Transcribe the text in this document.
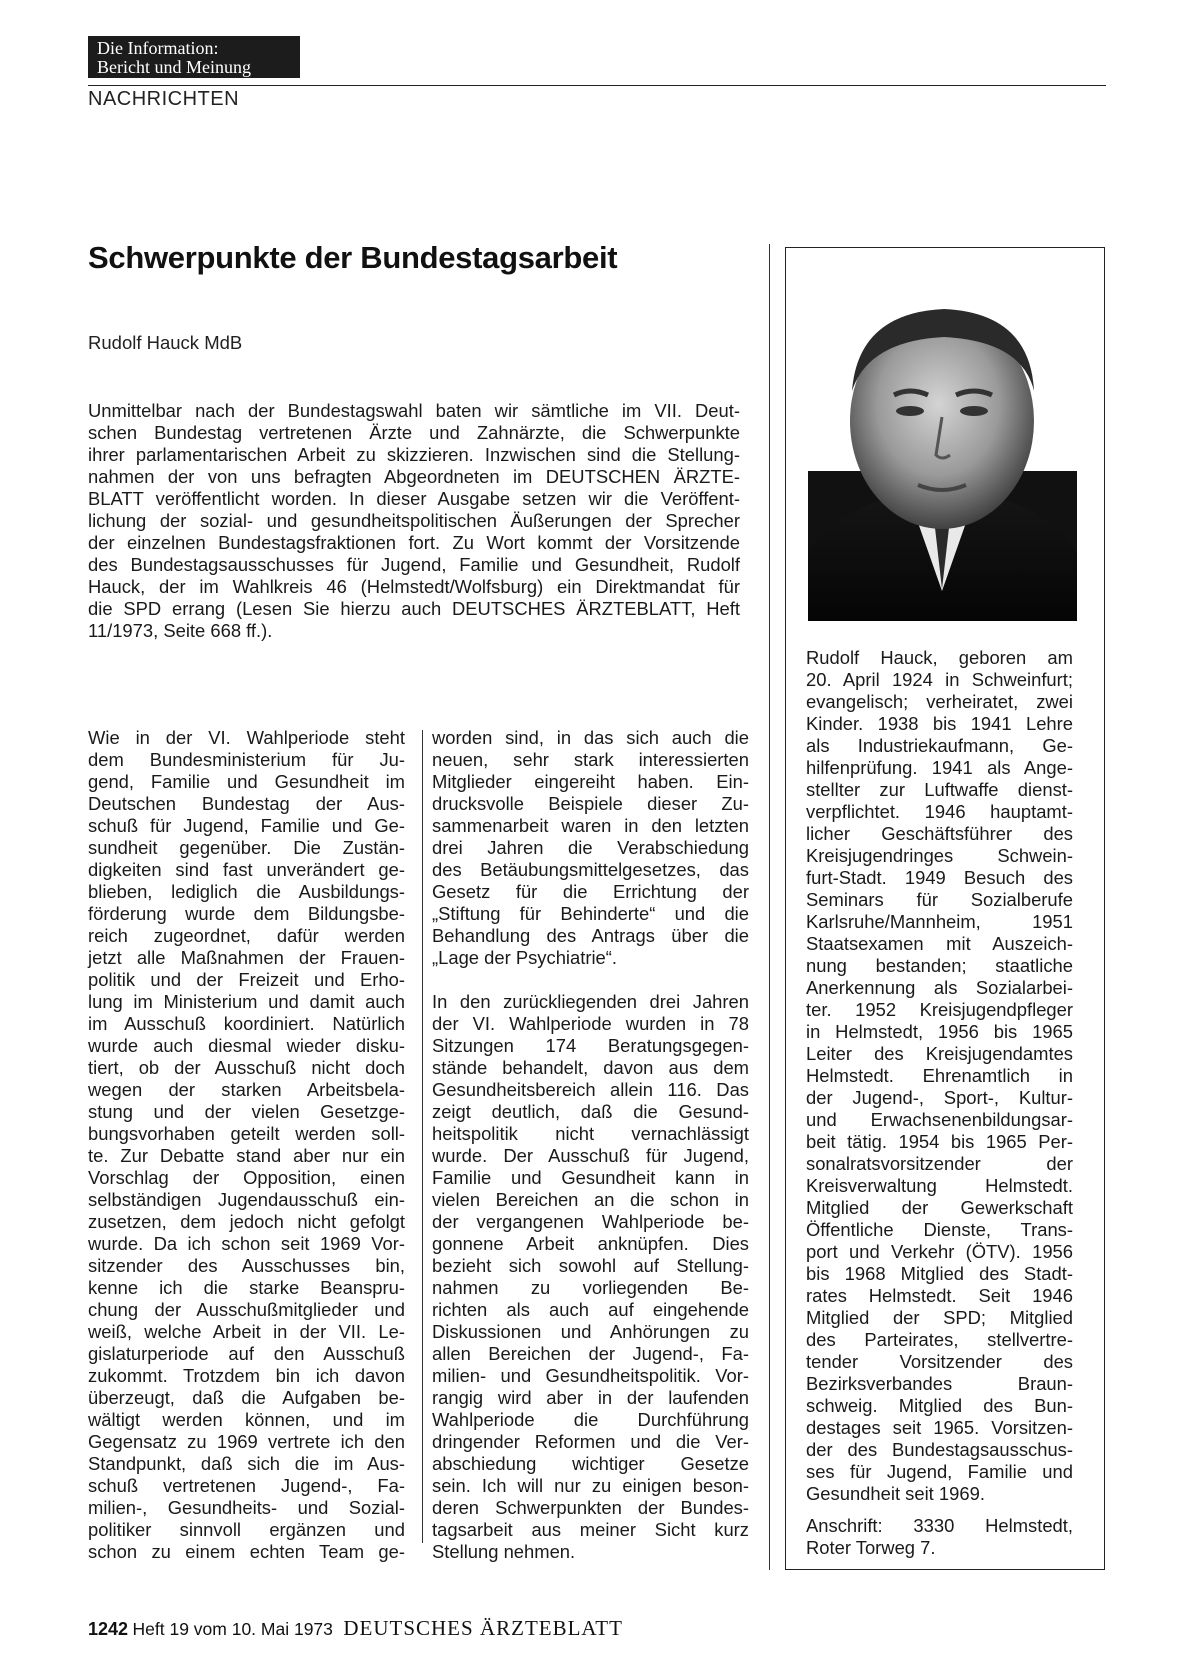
Die Information:
Bericht und Meinung
NACHRICHTEN
Schwerpunkte der Bundestagsarbeit
Rudolf Hauck MdB
Unmittelbar nach der Bundestagswahl baten wir sämtliche im VII. Deut-
schen Bundestag vertretenen Ärzte und Zahnärzte, die Schwerpunkte
ihrer parlamentarischen Arbeit zu skizzieren. Inzwischen sind die Stellung-
nahmen der von uns befragten Abgeordneten im DEUTSCHEN ÄRZTE-
BLATT veröffentlicht worden. In dieser Ausgabe setzen wir die Veröffent-
lichung der sozial- und gesundheitspolitischen Äußerungen der Sprecher
der einzelnen Bundestagsfraktionen fort. Zu Wort kommt der Vorsitzende
des Bundestagsausschusses für Jugend, Familie und Gesundheit, Rudolf
Hauck, der im Wahlkreis 46 (Helmstedt/Wolfsburg) ein Direktmandat für
die SPD errang (Lesen Sie hierzu auch DEUTSCHES ÄRZTEBLATT, Heft
11/1973, Seite 668 ff.).
Wie in der VI. Wahlperiode steht
dem Bundesministerium für Ju-
gend, Familie und Gesundheit im
Deutschen Bundestag der Aus-
schuß für Jugend, Familie und Ge-
sundheit gegenüber. Die Zustän-
digkeiten sind fast unverändert ge-
blieben, lediglich die Ausbildungs-
förderung wurde dem Bildungsbe-
reich zugeordnet, dafür werden
jetzt alle Maßnahmen der Frauen-
politik und der Freizeit und Erho-
lung im Ministerium und damit auch
im Ausschuß koordiniert. Natürlich
wurde auch diesmal wieder disku-
tiert, ob der Ausschuß nicht doch
wegen der starken Arbeitsbela-
stung und der vielen Gesetzge-
bungsvorhaben geteilt werden soll-
te. Zur Debatte stand aber nur ein
Vorschlag der Opposition, einen
selbständigen Jugendausschuß ein-
zusetzen, dem jedoch nicht gefolgt
wurde. Da ich schon seit 1969 Vor-
sitzender des Ausschusses bin,
kenne ich die starke Beanspru-
chung der Ausschußmitglieder und
weiß, welche Arbeit in der VII. Le-
gislaturperiode auf den Ausschuß
zukommt. Trotzdem bin ich davon
überzeugt, daß die Aufgaben be-
wältigt werden können, und im
Gegensatz zu 1969 vertrete ich den
Standpunkt, daß sich die im Aus-
schuß vertretenen Jugend-, Fa-
milien-, Gesundheits- und Sozial-
politiker sinnvoll ergänzen und
schon zu einem echten Team ge-
worden sind, in das sich auch die
neuen, sehr stark interessierten
Mitglieder eingereiht haben. Ein-
drucksvolle Beispiele dieser Zu-
sammenarbeit waren in den letzten
drei Jahren die Verabschiedung
des Betäubungsmittelgesetzes, das
Gesetz für die Errichtung der
„Stiftung für Behinderte“ und die
Behandlung des Antrags über die
„Lage der Psychiatrie“.
In den zurückliegenden drei Jahren
der VI. Wahlperiode wurden in 78
Sitzungen 174 Beratungsgegen-
stände behandelt, davon aus dem
Gesundheitsbereich allein 116. Das
zeigt deutlich, daß die Gesund-
heitspolitik nicht vernachlässigt
wurde. Der Ausschuß für Jugend,
Familie und Gesundheit kann in
vielen Bereichen an die schon in
der vergangenen Wahlperiode be-
gonnene Arbeit anknüpfen. Dies
bezieht sich sowohl auf Stellung-
nahmen zu vorliegenden Be-
richten als auch auf eingehende
Diskussionen und Anhörungen zu
allen Bereichen der Jugend-, Fa-
milien- und Gesundheitspolitik. Vor-
rangig wird aber in der laufenden
Wahlperiode die Durchführung
dringender Reformen und die Ver-
abschiedung wichtiger Gesetze
sein. Ich will nur zu einigen beson-
deren Schwerpunkten der Bundes-
tagsarbeit aus meiner Sicht kurz
Stellung nehmen.
Rudolf Hauck, geboren am
20. April 1924 in Schweinfurt;
evangelisch; verheiratet, zwei
Kinder. 1938 bis 1941 Lehre
als Industriekaufmann, Ge-
hilfenprüfung. 1941 als Ange-
stellter zur Luftwaffe dienst-
verpflichtet. 1946 hauptamt-
licher Geschäftsführer des
Kreisjugendringes Schwein-
furt-Stadt. 1949 Besuch des
Seminars für Sozialberufe
Karlsruhe/Mannheim, 1951
Staatsexamen mit Auszeich-
nung bestanden; staatliche
Anerkennung als Sozialarbei-
ter. 1952 Kreisjugendpfleger
in Helmstedt, 1956 bis 1965
Leiter des Kreisjugendamtes
Helmstedt. Ehrenamtlich in
der Jugend-, Sport-, Kultur-
und Erwachsenenbildungsar-
beit tätig. 1954 bis 1965 Per-
sonalratsvorsitzender der
Kreisverwaltung Helmstedt.
Mitglied der Gewerkschaft
Öffentliche Dienste, Trans-
port und Verkehr (ÖTV). 1956
bis 1968 Mitglied des Stadt-
rates Helmstedt. Seit 1946
Mitglied der SPD; Mitglied
des Parteirates, stellvertre-
tender Vorsitzender des
Bezirksverbandes Braun-
schweig. Mitglied des Bun-
destages seit 1965. Vorsitzen-
der des Bundestagsausschus-
ses für Jugend, Familie und
Gesundheit seit 1969.
Anschrift: 3330 Helmstedt,
Roter Torweg 7.
1242 Heft 19 vom 10. Mai 1973 DEUTSCHES ÄRZTEBLATT
